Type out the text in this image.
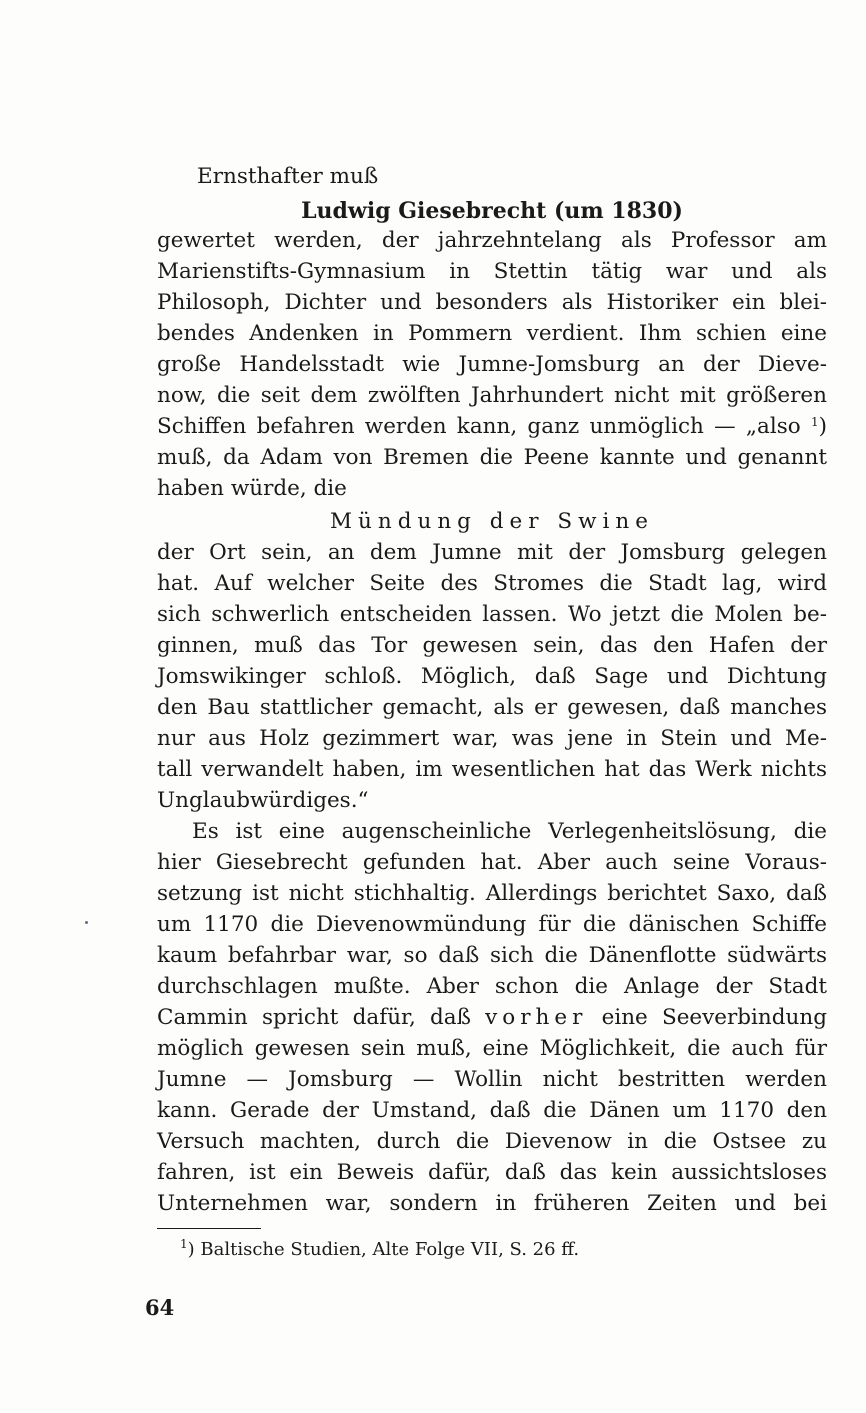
Ernsthafter muß
Ludwig Giesebrecht (um 1830)
gewertet werden, der jahrzehntelang als Professor am
Marienstifts-Gymnasium in Stettin tätig war und als
Philosoph, Dichter und besonders als Historiker ein blei-
bendes Andenken in Pommern verdient. Ihm schien eine
große Handelsstadt wie Jumne-Jomsburg an der Dieve-
now, die seit dem zwölften Jahrhundert nicht mit größeren
Schiffen befahren werden kann, ganz unmöglich — „also $^1$)
muß, da Adam von Bremen die Peene kannte und genannt
haben würde, die
Mündung der Swine
der Ort sein, an dem Jumne mit der Jomsburg gelegen
hat. Auf welcher Seite des Stromes die Stadt lag, wird
sich schwerlich entscheiden lassen. Wo jetzt die Molen be-
ginnen, muß das Tor gewesen sein, das den Hafen der
Jomswikinger schloß. Möglich, daß Sage und Dichtung
den Bau stattlicher gemacht, als er gewesen, daß manches
nur aus Holz gezimmert war, was jene in Stein und Me-
tall verwandelt haben, im wesentlichen hat das Werk nichts
Unglaubwürdiges.“
Es ist eine augenscheinliche Verlegenheitslösung, die
hier Giesebrecht gefunden hat. Aber auch seine Voraus-
setzung ist nicht stichhaltig. Allerdings berichtet Saxo, daß
um 1170 die Dievenowmündung für die dänischen Schiffe
kaum befahrbar war, so daß sich die Dänenflotte südwärts
durchschlagen mußte. Aber schon die Anlage der Stadt
Cammin spricht dafür, daß vorher eine Seeverbindung
möglich gewesen sein muß, eine Möglichkeit, die auch für
Jumne — Jomsburg — Wollin nicht bestritten werden
kann. Gerade der Umstand, daß die Dänen um 1170 den
Versuch machten, durch die Dievenow in die Ostsee zu
fahren, ist ein Beweis dafür, daß das kein aussichtsloses
Unternehmen war, sondern in früheren Zeiten und bei
$^1$) Baltische Studien, Alte Folge VII, S. 26 ff.
64
